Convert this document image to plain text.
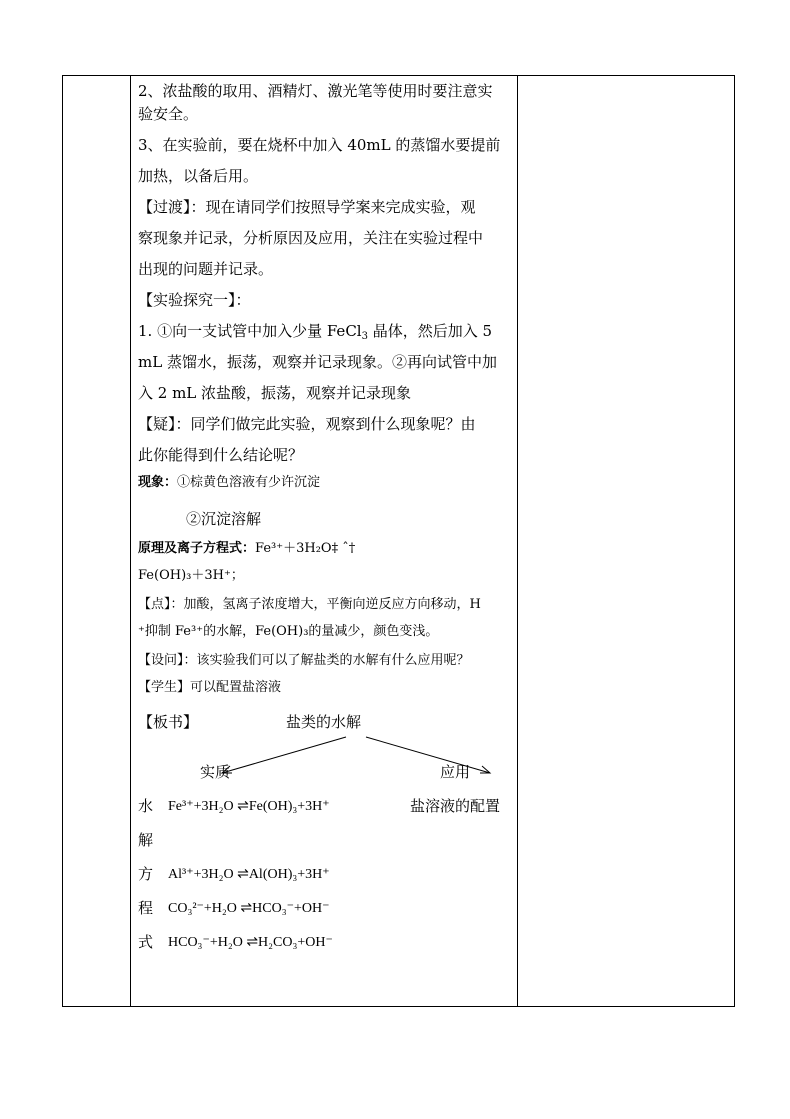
2、浓盐酸的取用、酒精灯、激光笔等使用时要注意实

验安全。

3、在实验前，要在烧杯中加入 40mL 的蒸馏水要提前

加热，以备后用。

【过渡】：现在请同学们按照导学案来完成实验，观

察现象并记录，分析原因及应用，关注在实验过程中

出现的问题并记录。

【实验探究一】：

1. ①向一支试管中加入少量 FeCl$_3$ 晶体，然后加入 5

mL 蒸馏水，振荡，观察并记录现象。②再向试管中加

入 2 mL 浓盐酸，振荡，观察并记录现象

【疑】：同学们做完此实验，观察到什么现象呢？由

此你能得到什么结论呢？

现象：①棕黄色溶液有少许沉淀

②沉淀溶解

原理及离子方程式：Fe³⁺＋3H₂O‡ ˆ†

Fe(OH)₃＋3H⁺；

【点】：加酸，氢离子浓度增大，平衡向逆反应方向移动，H

⁺抑制 Fe³⁺的水解，Fe(OH)₃的量减少，颜色变浅。

【设问】：该实验我们可以了解盐类的水解有什么应用呢？

【学生】可以配置盐溶液

【板书】	盐类的水解
实质	应用
水 Fe³⁺+3H₂O ⇌Fe(OH)₃+3H⁺	盐溶液的配置
解
方 Al³⁺+3H₂O ⇌Al(OH)₃+3H⁺
程 CO₃²⁻+H₂O ⇌HCO₃⁻+OH⁻
式 HCO₃⁻+H₂O ⇌H₂CO₃+OH⁻
